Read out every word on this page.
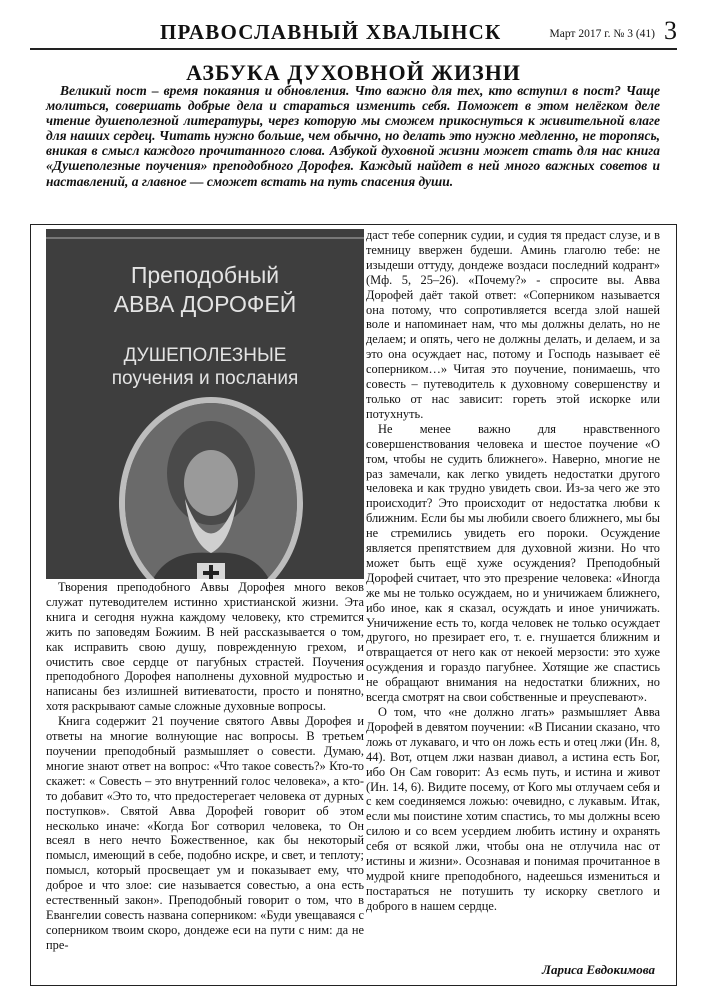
ПРАВОСЛАВНЫЙ ХВАЛЫНСК	Март 2017 г. № 3 (41) 3
АЗБУКА ДУХОВНОЙ ЖИЗНИ

Великий пост – время покаяния и обновления. Что важно для тех, кто вступил в пост? Чаще молиться, совершать добрые дела и стараться изменить себя. Поможет в этом нелёгком деле чтение душеполезной литературы, через которую мы сможем прикоснуться к живительной влаге для наших сердец. Читать нужно больше, чем обычно, но делать это нужно медленно, не торопясь, вникая в смысл каждого прочитанного слова. Азбукой духовной жизни может стать для нас книга «Душеполезные поучения» преподобного Дорофея. Каждый найдет в ней много важных советов и наставлений, а главное — сможет встать на путь спасения души.

Преподобный
АВВА ДОРОФЕЙ
ДУШЕПОЛЕЗНЫЕ
поучения и послания

Творения преподобного Аввы Дорофея много веков служат путеводителем истинно христианской жизни. Эта книга и сегодня нужна каждому человеку, кто стремится жить по заповедям Божиим. В ней рассказывается о том, как исправить свою душу, поврежденную грехом, и очистить свое сердце от пагубных страстей. Поучения преподобного Дорофея наполнены духовной мудростью и написаны без излишней витиеватости, просто и понятно, хотя раскрывают самые сложные духовные вопросы.

Книга содержит 21 поучение святого Аввы Дорофея и ответы на многие волнующие нас вопросы. В третьем поучении преподобный размышляет о совести. Думаю, многие знают ответ на вопрос: «Что такое совесть?» Кто-то скажет: « Совесть – это внутренний голос человека», а кто-то добавит «Это то, что предостерегает человека от дурных поступков». Святой Авва Дорофей говорит об этом несколько иначе: «Когда Бог сотворил человека, то Он всеял в него нечто Божественное, как бы некоторый помысл, имеющий в себе, подобно искре, и свет, и теплоту; помысл, который просвещает ум и показывает ему, что доброе и что злое: сие называется совестью, а она есть естественный закон». Преподобный говорит о том, что в Евангелии совесть названа соперником: «Буди увещаваяся с соперником твоим скоро, дондеже еси на пути с ним: да не пре-

даст тебе соперник судии, и судия тя предаст слузе, и в темницу ввержен будеши. Аминь глаголю тебе: не изыдеши оттуду, дондеже воздаси последний кодрант» (Мф. 5, 25–26). «Почему?» - спросите вы. Авва Дорофей даёт такой ответ: «Соперником называется она потому, что сопротивляется всегда злой нашей воле и напоминает нам, что мы должны делать, но не делаем; и опять, чего не должны делать, и делаем, и за это она осуждает нас, потому и Господь называет её соперником…» Читая это поучение, понимаешь, что совесть – путеводитель к духовному совершенству и только от нас зависит: гореть этой искоркe или потухнуть.

Не менее важно для нравственного совершенствования человека и шестое поучение «О том, чтобы не судить ближнего». Наверно, многие не раз замечали, как легко увидеть недостатки другого человека и как трудно увидеть свои. Из-за чего же это происходит? Это происходит от недостатка любви к ближним. Если бы мы любили своего ближнего, мы бы не стремились увидеть его пороки. Осуждение является препятствием для духовной жизни. Но что может быть ещё хуже осуждения? Преподобный Дорофей считает, что это презрение человека: «Иногда же мы не только осуждаем, но и уничижаем ближнего, ибо иное, как я сказал, осуждать и иное уничижать. Уничижение есть то, когда человек не только осуждает другого, но презирает его, т. е. гнушается ближним и отвращается от него как от некоей мерзости: это хуже осуждения и гораздо пагубнее. Хотящие же спастись не обращают внимания на недостатки ближних, но всегда смотрят на свои собственные и преуспевают».

О том, что «не должно лгать» размышляет Авва Дорофей в девятом поучении: «В Писании сказано, что ложь от лукаваго, и что он ложь есть и отец лжи (Ин. 8, 44). Вот, отцем лжи назван диавол, а истина есть Бог, ибо Он Сам говорит: Аз есмь путь, и истина и живот (Ин. 14, 6). Видите посему, от Кого мы отлучаем себя и с кем соединяемся ложью: очевидно, с лукавым. Итак, если мы поистине хотим спастись, то мы должны всею силою и со всем усердием любить истину и охранять себя от всякой лжи, чтобы она не отлучила нас от истины и жизни». Осознавая и понимая прочитанное в мудрой книге преподобного, надеешься измениться и постараться не потушить ту искорку светлого и доброго в нашем сердце.

Лариса Евдокимова
